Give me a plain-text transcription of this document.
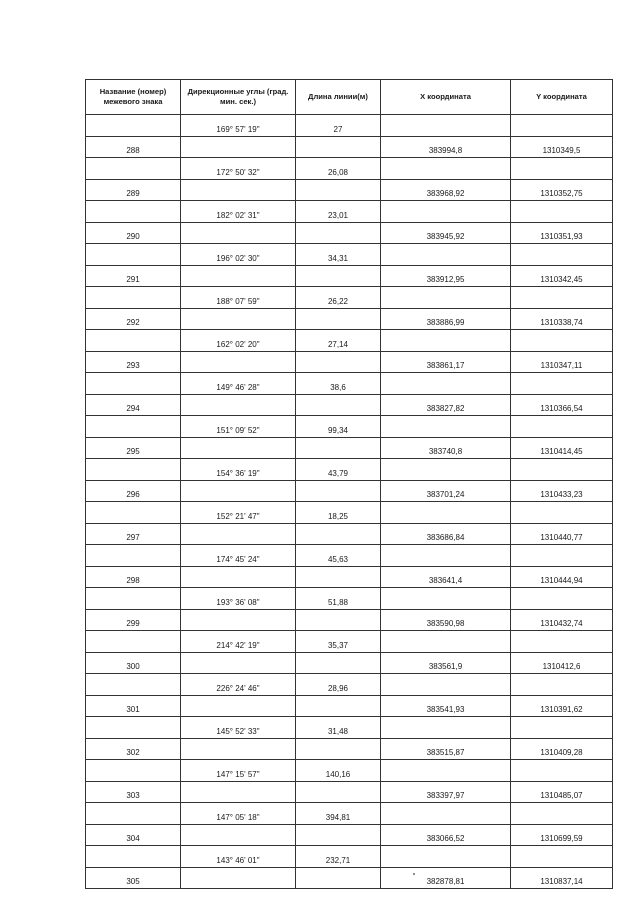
Название (номер) межевого знака	Дирекционные углы (град. мин. сек.)	Длина линии(м)	X координата	Y координата
	169° 57' 19"	27		
288			383994,8	1310349,5
	172° 50' 32"	26,08		
289			383968,92	1310352,75
	182° 02' 31"	23,01		
290			383945,92	1310351,93
	196° 02' 30"	34,31		
291			383912,95	1310342,45
	188° 07' 59"	26,22		
292			383886,99	1310338,74
	162° 02' 20"	27,14		
293			383861,17	1310347,11
	149° 46' 28"	38,6		
294			383827,82	1310366,54
	151° 09' 52"	99,34		
295			383740,8	1310414,45
	154° 36' 19"	43,79		
296			383701,24	1310433,23
	152° 21' 47"	18,25		
297			383686,84	1310440,77
	174° 45' 24"	45,63		
298			383641,4	1310444,94
	193° 36' 08"	51,88		
299			383590,98	1310432,74
	214° 42' 19"	35,37		
300			383561,9	1310412,6
	226° 24' 46"	28,96		
301			383541,93	1310391,62
	145° 52' 33"	31,48		
302			383515,87	1310409,28
	147° 15' 57"	140,16		
303			383397,97	1310485,07
	147° 05' 18"	394,81		
304			383066,52	1310699,59
	143° 46' 01"	232,71		
305			382878,81	1310837,14
